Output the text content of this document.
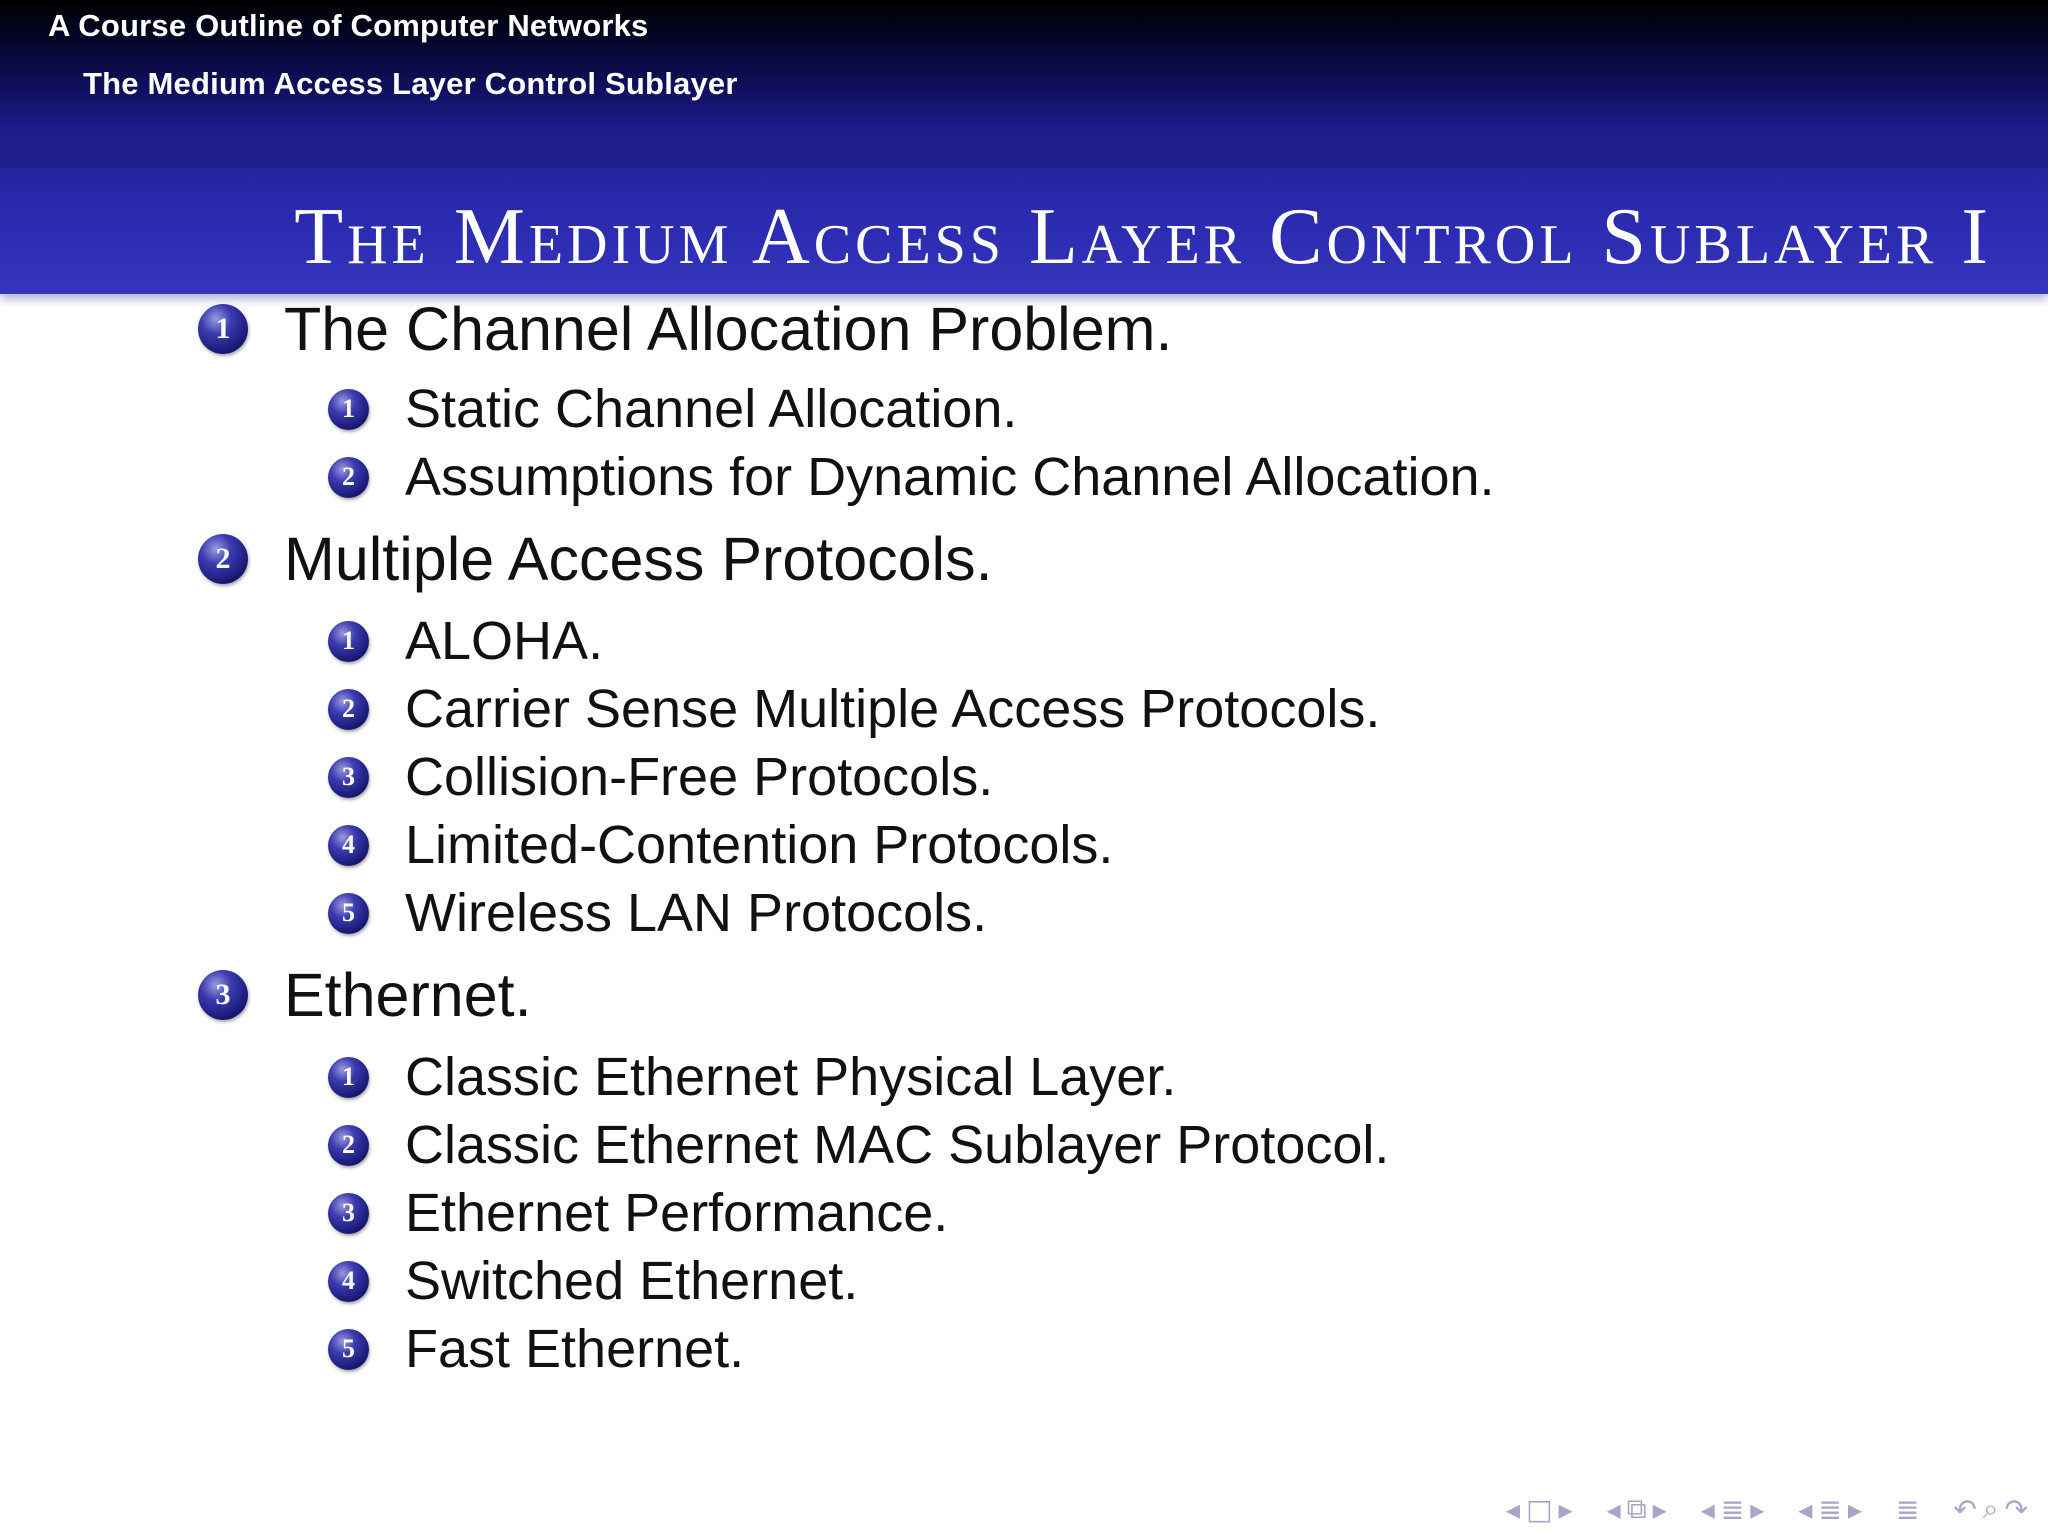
A Course Outline of Computer Networks
The Medium Access Layer Control Sublayer
The Medium Access Layer Control Sublayer I
1 The Channel Allocation Problem.
1 Static Channel Allocation.
2 Assumptions for Dynamic Channel Allocation.
2 Multiple Access Protocols.
1 ALOHA.
2 Carrier Sense Multiple Access Protocols.
3 Collision-Free Protocols.
4 Limited-Contention Protocols.
5 Wireless LAN Protocols.
3 Ethernet.
1 Classic Ethernet Physical Layer.
2 Classic Ethernet MAC Sublayer Protocol.
3 Ethernet Performance.
4 Switched Ethernet.
5 Fast Ethernet.
◂ □ ▸ ◂ ⧉ ▸ ◂ ≣ ▸ ◂ ≣ ▸ ≣ ↶ ⌕ ↷
